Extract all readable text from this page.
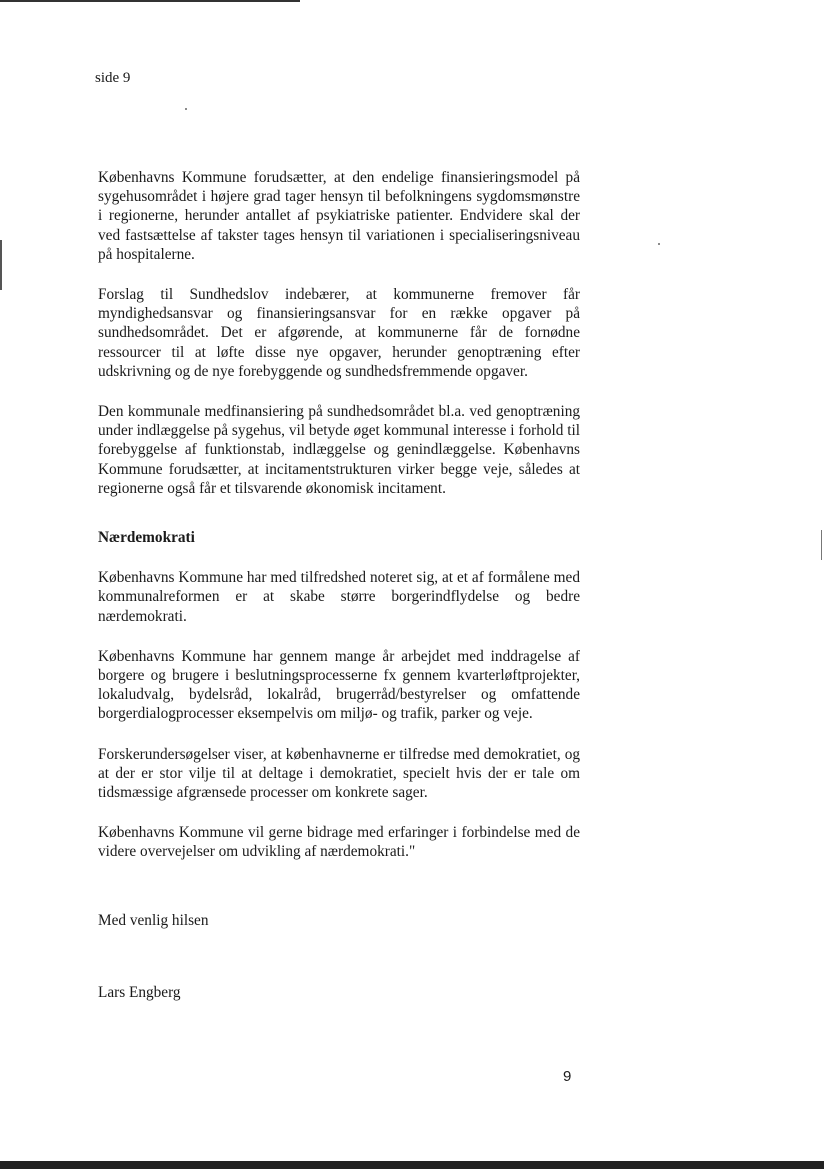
side 9

Københavns Kommune forudsætter, at den endelige finansieringsmodel på sygehusområdet i højere grad tager hensyn til befolkningens sygdomsmønstre i regionerne, herunder antallet af psykiatriske patienter. Endvidere skal der ved fastsættelse af takster tages hensyn til variationen i specialiseringsniveau på hospitalerne.

Forslag til Sundhedslov indebærer, at kommunerne fremover får myndighedsansvar og finansieringsansvar for en række opgaver på sundhedsområdet. Det er afgørende, at kommunerne får de fornødne ressourcer til at løfte disse nye opgaver, herunder genoptræning efter udskrivning og de nye forebyggende og sundhedsfremmende opgaver.

Den kommunale medfinansiering på sundhedsområdet bl.a. ved genoptræning under indlæggelse på sygehus, vil betyde øget kommunal interesse i forhold til forebyggelse af funktionstab, indlæggelse og genindlæggelse. Københavns Kommune forudsætter, at incitamentstrukturen virker begge veje, således at regionerne også får et tilsvarende økonomisk incitament.

Nærdemokrati

Københavns Kommune har med tilfredshed noteret sig, at et af formålene med kommunalreformen er at skabe større borgerindflydelse og bedre nærdemokrati.

Københavns Kommune har gennem mange år arbejdet med inddragelse af borgere og brugere i beslutningsprocesserne fx gennem kvarterløftprojekter, lokaludvalg, bydelsråd, lokalråd, brugerråd/bestyrelser og omfattende borgerdialogprocesser eksempelvis om miljø- og trafik, parker og veje.

Forskerundersøgelser viser, at københavnerne er tilfredse med demokratiet, og at der er stor vilje til at deltage i demokratiet, specielt hvis der er tale om tidsmæssige afgrænsede processer om konkrete sager.

Københavns Kommune vil gerne bidrage med erfaringer i forbindelse med de videre overvejelser om udvikling af nærdemokrati."

Med venlig hilsen

Lars Engberg

9
